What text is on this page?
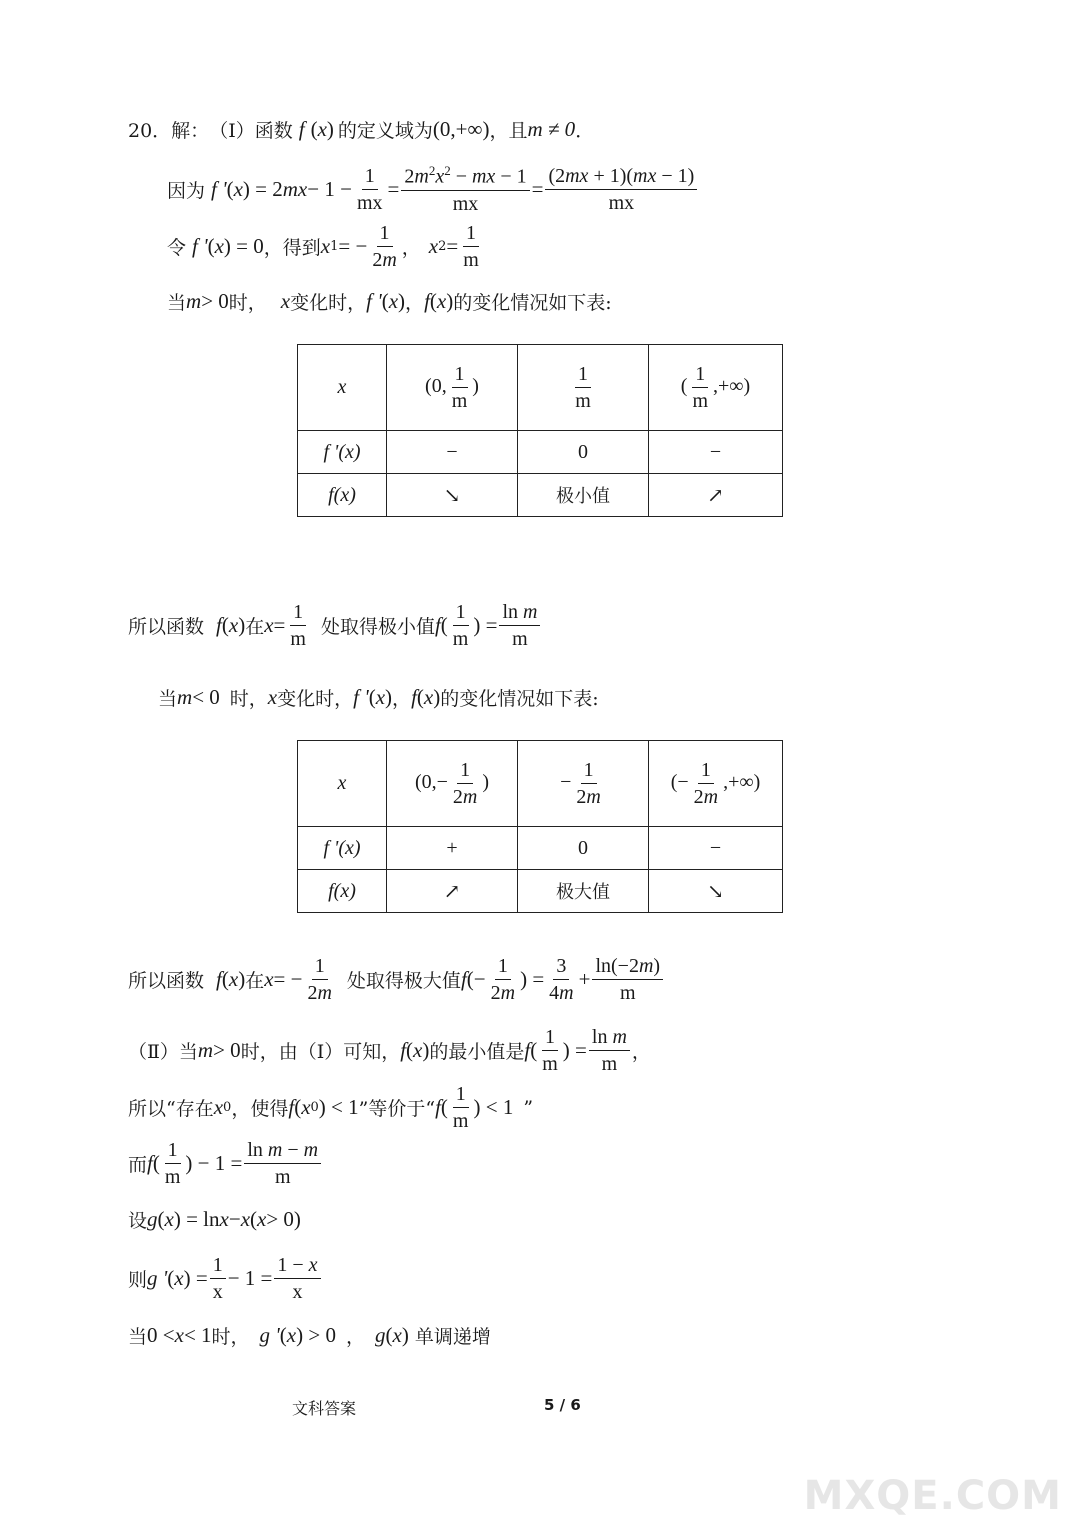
20．解： （Ⅰ） 函数 f ( x ) 的定义域为 (0,+∞) ，且 m ≠ 0 ．
因为 f ' ( x ) = 2 mx − $1 - \frac{1}{mx} = \frac{2m^2x^2 - mx - 1}{mx} = \frac{(2mx + 1)(mx - 1)}{mx}$
令 f ' ( x ) = 0 ，得到 x 1 = − $\frac{1}{2m}$ ， x $2 = \frac{1}{m}$
当 m > 0 时， x 变化时， f ' ( x ) ， f ( x ) 的变化情况如下表:
x	(0, $\frac{1}{m}$ )	$\frac{1}{m}$	( $\frac{1}{m}$ ,+∞)
f '(x)	−	0	−
f(x)	↘	极小值	↗
所以函数 f ( x ) 在 $x = \frac{1}{m}$ 处取得极小值 f ( $\frac{1}{m}$ ) = $\frac{\text{ln m}}{m}$
当 m < 0 时， x 变化时， f ' ( x ) ， f ( x ) 的变化情况如下表:
x	($0,- \frac{1}{2m}$ )	− $\frac{1}{2m}$	(− $\frac{1}{2m}$ ,+∞)
f '(x)	+	0	−
f(x)	↗	极大值	↘
所以函数 f ( x ) 在 x = − $\frac{1}{2m}$ 处取得极大值 f (− $\frac{1}{2m}$ ) = $\frac{3}{4m} + \frac{\ln(-2m)}{m}$
（Ⅱ）当 m > 0 时，由（Ⅰ）可知， f ( x ) 的最小值是 f ( $\frac{1}{m}$ ) = $\frac{\text{ln m}}{m}$ ，
所以“存在 x 0 ，使得 f ( x 0 ) < 1 ”等价于“ f ( $\frac{1}{m}$ ) < 1 ”
而 f ( $\frac{1}{m}$ ) − $1 = \frac{\text{ln m − m}}{m}$
设 g ( x ) = ln x − x ( x > 0)
则 g ' ( x ) = $\frac{1}{x} - 1 = \frac{1 - x}{x}$
当 0 < x < 1 时， g ' ( x ) > 0 ， g ( x ) 单调递增
文科答案	5 / 6
MXQE.COM
